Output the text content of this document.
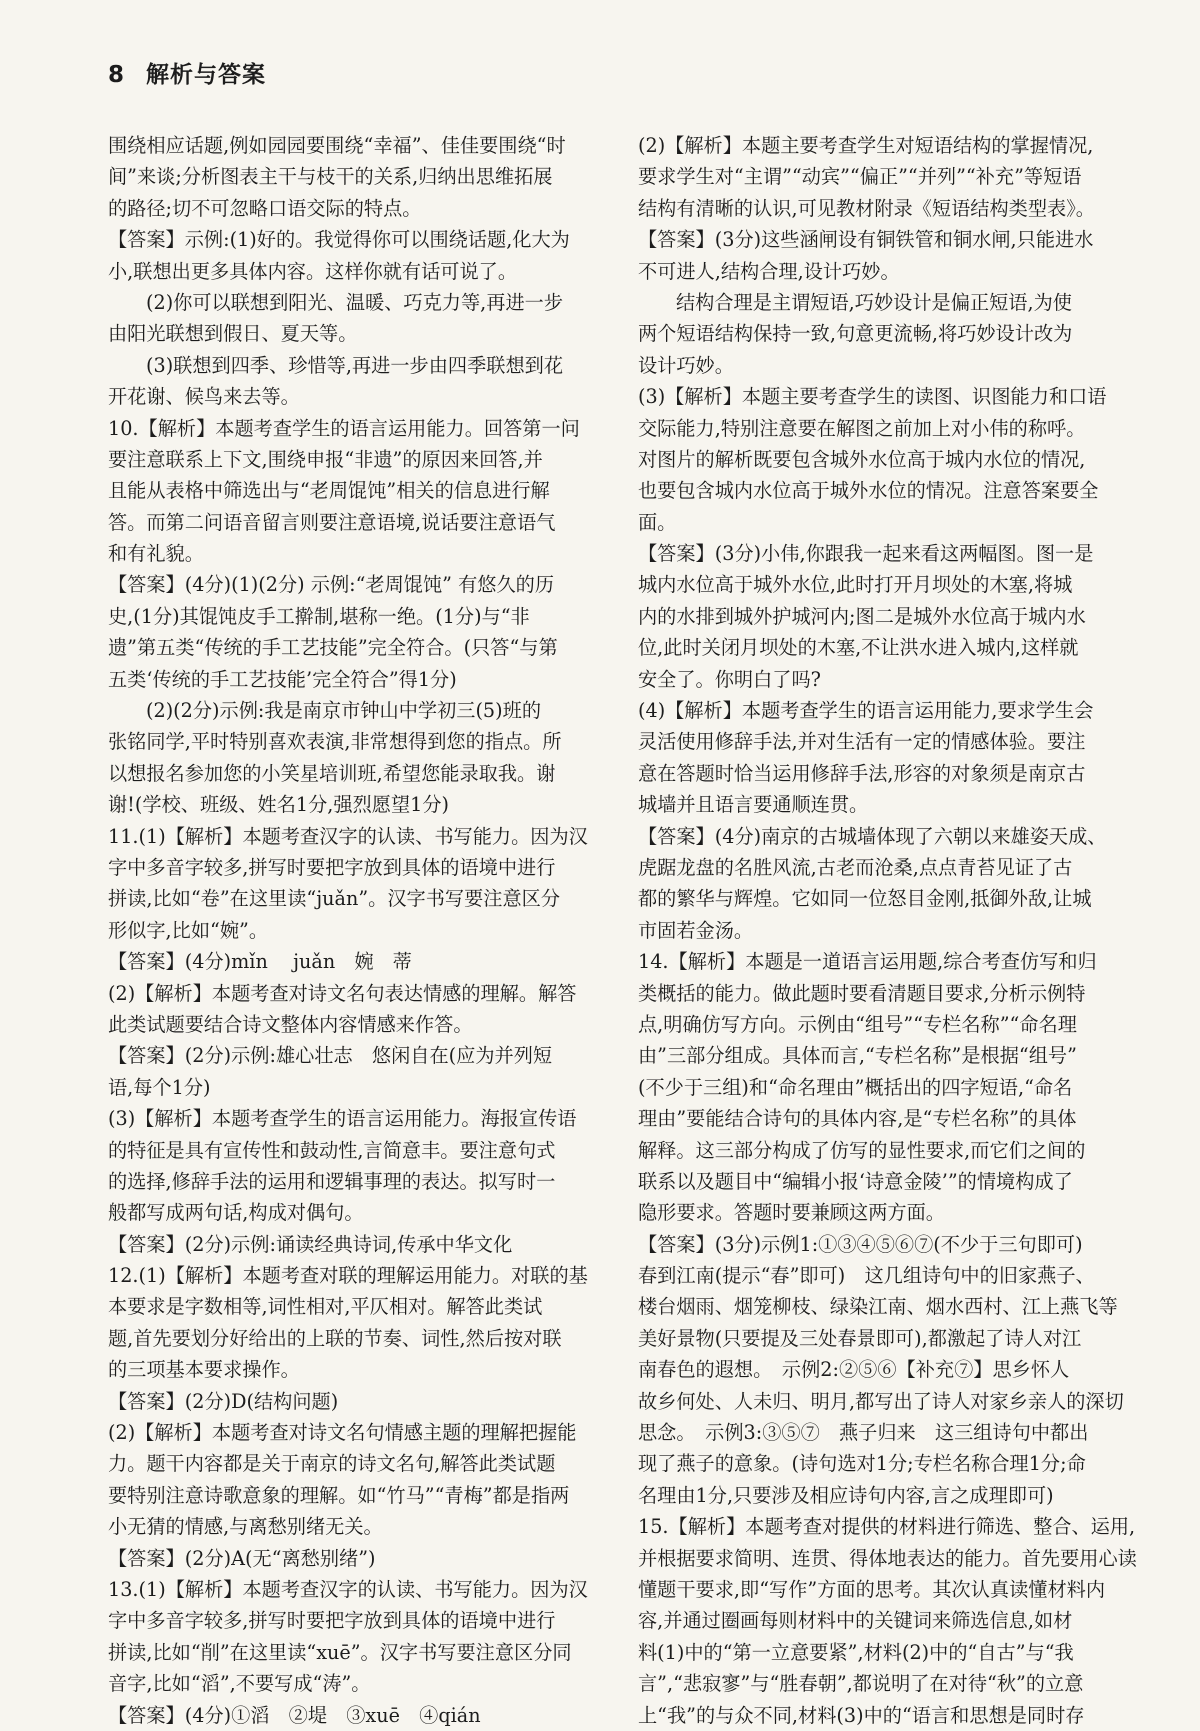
8 解析与答案
围绕相应话题,例如园园要围绕“幸福”、佳佳要围绕“时
间”来谈;分析图表主干与枝干的关系,归纳出思维拓展
的路径;切不可忽略口语交际的特点。
【答案】示例:(1)好的。我觉得你可以围绕话题,化大为
小,联想出更多具体内容。这样你就有话可说了。
(2)你可以联想到阳光、温暖、巧克力等,再进一步
由阳光联想到假日、夏天等。
(3)联想到四季、珍惜等,再进一步由四季联想到花
开花谢、候鸟来去等。
10.【解析】本题考查学生的语言运用能力。回答第一问
要注意联系上下文,围绕申报“非遗”的原因来回答,并
且能从表格中筛选出与“老周馄饨”相关的信息进行解
答。而第二问语音留言则要注意语境,说话要注意语气
和有礼貌。
【答案】(4分)(1)(2分) 示例:“老周馄饨” 有悠久的历
史,(1分)其馄饨皮手工擀制,堪称一绝。(1分)与“非
遗”第五类“传统的手工艺技能”完全符合。(只答“与第
五类‘传统的手工艺技能’完全符合”得1分)
(2)(2分)示例:我是南京市钟山中学初三(5)班的
张铭同学,平时特别喜欢表演,非常想得到您的指点。所
以想报名参加您的小笑星培训班,希望您能录取我。谢
谢!(学校、班级、姓名1分,强烈愿望1分)
11.(1)【解析】本题考查汉字的认读、书写能力。因为汉
字中多音字较多,拼写时要把字放到具体的语境中进行
拼读,比如“卷”在这里读“juǎn”。汉字书写要注意区分
形似字,比如“婉”。
【答案】(4分)mǐn　 juǎn　婉　蒂
(2)【解析】本题考查对诗文名句表达情感的理解。解答
此类试题要结合诗文整体内容情感来作答。
【答案】(2分)示例:雄心壮志　悠闲自在(应为并列短
语,每个1分)
(3)【解析】本题考查学生的语言运用能力。海报宣传语
的特征是具有宣传性和鼓动性,言简意丰。要注意句式
的选择,修辞手法的运用和逻辑事理的表达。拟写时一
般都写成两句话,构成对偶句。
【答案】(2分)示例:诵读经典诗词,传承中华文化
12.(1)【解析】本题考查对联的理解运用能力。对联的基
本要求是字数相等,词性相对,平仄相对。解答此类试
题,首先要划分好给出的上联的节奏、词性,然后按对联
的三项基本要求操作。
【答案】(2分)D(结构问题)
(2)【解析】本题考查对诗文名句情感主题的理解把握能
力。题干内容都是关于南京的诗文名句,解答此类试题
要特别注意诗歌意象的理解。如“竹马”“青梅”都是指两
小无猜的情感,与离愁别绪无关。
【答案】(2分)A(无“离愁别绪”)
13.(1)【解析】本题考查汉字的认读、书写能力。因为汉
字中多音字较多,拼写时要把字放到具体的语境中进行
拼读,比如“削”在这里读“xuē”。汉字书写要注意区分同
音字,比如“滔”,不要写成“涛”。
【答案】(4分)①滔　②堤　③xuē　④qián
(2)【解析】本题主要考查学生对短语结构的掌握情况,
要求学生对“主谓”“动宾”“偏正”“并列”“补充”等短语
结构有清晰的认识,可见教材附录《短语结构类型表》。
【答案】(3分)这些涵闸设有铜铁管和铜水闸,只能进水
不可进人,结构合理,设计巧妙。
结构合理是主谓短语,巧妙设计是偏正短语,为使
两个短语结构保持一致,句意更流畅,将巧妙设计改为
设计巧妙。
(3)【解析】本题主要考查学生的读图、识图能力和口语
交际能力,特别注意要在解图之前加上对小伟的称呼。
对图片的解析既要包含城外水位高于城内水位的情况,
也要包含城内水位高于城外水位的情况。注意答案要全
面。
【答案】(3分)小伟,你跟我一起来看这两幅图。图一是
城内水位高于城外水位,此时打开月坝处的木塞,将城
内的水排到城外护城河内;图二是城外水位高于城内水
位,此时关闭月坝处的木塞,不让洪水进入城内,这样就
安全了。你明白了吗?
(4)【解析】本题考查学生的语言运用能力,要求学生会
灵活使用修辞手法,并对生活有一定的情感体验。要注
意在答题时恰当运用修辞手法,形容的对象须是南京古
城墙并且语言要通顺连贯。
【答案】(4分)南京的古城墙体现了六朝以来雄姿天成、
虎踞龙盘的名胜风流,古老而沧桑,点点青苔见证了古
都的繁华与辉煌。它如同一位怒目金刚,抵御外敌,让城
市固若金汤。
14.【解析】本题是一道语言运用题,综合考查仿写和归
类概括的能力。做此题时要看清题目要求,分析示例特
点,明确仿写方向。示例由“组号”“专栏名称”“命名理
由”三部分组成。具体而言,“专栏名称”是根据“组号”
(不少于三组)和“命名理由”概括出的四字短语,“命名
理由”要能结合诗句的具体内容,是“专栏名称”的具体
解释。这三部分构成了仿写的显性要求,而它们之间的
联系以及题目中“编辑小报‘诗意金陵’”的情境构成了
隐形要求。答题时要兼顾这两方面。
【答案】(3分)示例1:①③④⑤⑥⑦(不少于三句即可)
春到江南(提示“春”即可)　这几组诗句中的旧家燕子、
楼台烟雨、烟笼柳枝、绿染江南、烟水西村、江上燕飞等
美好景物(只要提及三处春景即可),都激起了诗人对江
南春色的遐想。　示例2:②⑤⑥【补充⑦】思乡怀人
故乡何处、人未归、明月,都写出了诗人对家乡亲人的深切
思念。　示例3:③⑤⑦　燕子归来　这三组诗句中都出
现了燕子的意象。(诗句选对1分;专栏名称合理1分;命
名理由1分,只要涉及相应诗句内容,言之成理即可)
15.【解析】本题考查对提供的材料进行筛选、整合、运用,
并根据要求简明、连贯、得体地表达的能力。首先要用心读
懂题干要求,即“写作”方面的思考。其次认真读懂材料内
容,并通过圈画每则材料中的关键词来筛选信息,如材
料(1)中的“第一立意要紧”,材料(2)中的“自古”与“我
言”,“悲寂寥”与“胜春朝”,都说明了在对待“秋”的立意
上“我”的与众不同,材料(3)中的“语言和思想是同时存
